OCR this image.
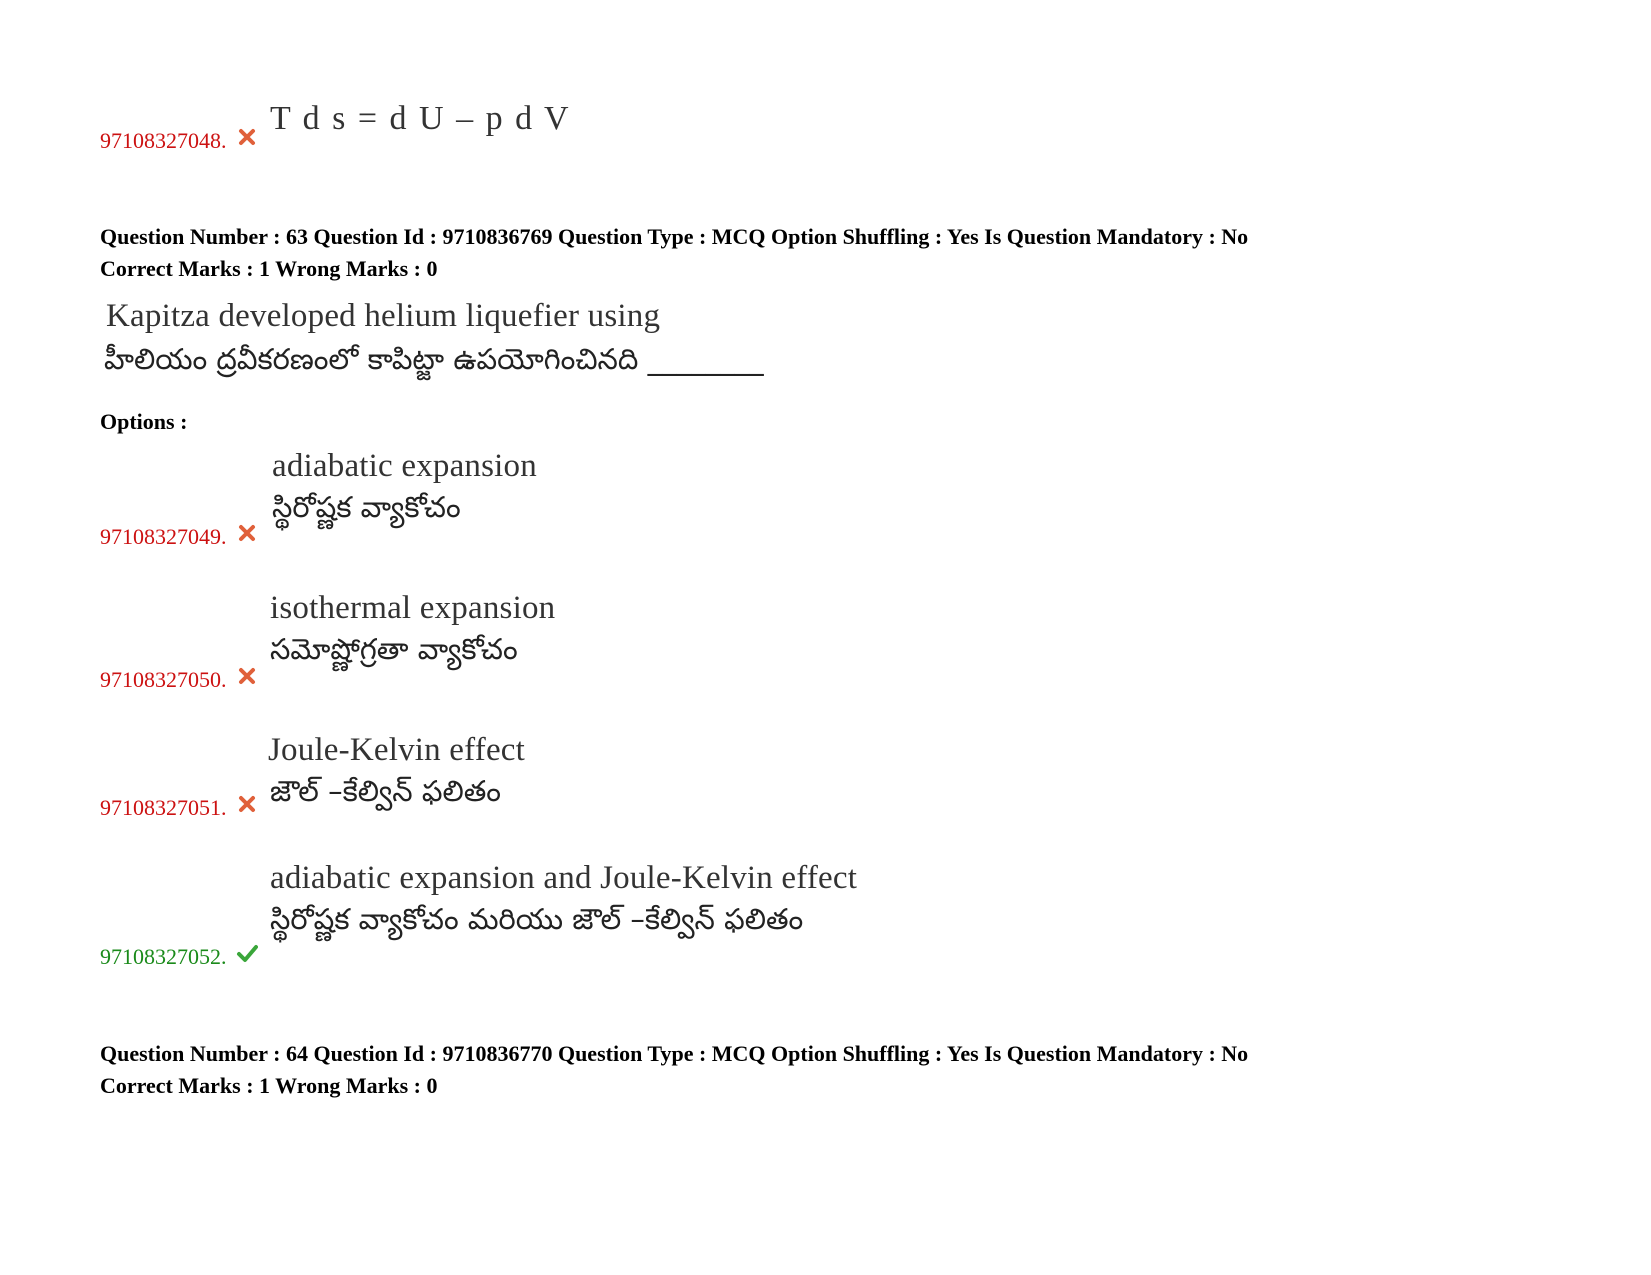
97108327048.
T d s = d U – p d V
Question Number : 63 Question Id : 9710836769 Question Type : MCQ Option Shuffling : Yes Is Question Mandatory : No
Correct Marks : 1 Wrong Marks : 0
Kapitza developed helium liquefier using
హీలియం ద్రవీకరణంలో కాపిట్జా ఉపయోగించినది ________
Options :
adiabatic expansion
స్థిరోష్ణక వ్యాకోచం
97108327049.
isothermal expansion
సమోష్ణోగ్రతా వ్యాకోచం
97108327050.
Joule-Kelvin effect
జౌల్ –కేల్విన్ ఫలితం
97108327051.
adiabatic expansion and Joule-Kelvin effect
స్థిరోష్ణక వ్యాకోచం మరియు జౌల్ –కేల్విన్ ఫలితం
97108327052.
Question Number : 64 Question Id : 9710836770 Question Type : MCQ Option Shuffling : Yes Is Question Mandatory : No
Correct Marks : 1 Wrong Marks : 0
